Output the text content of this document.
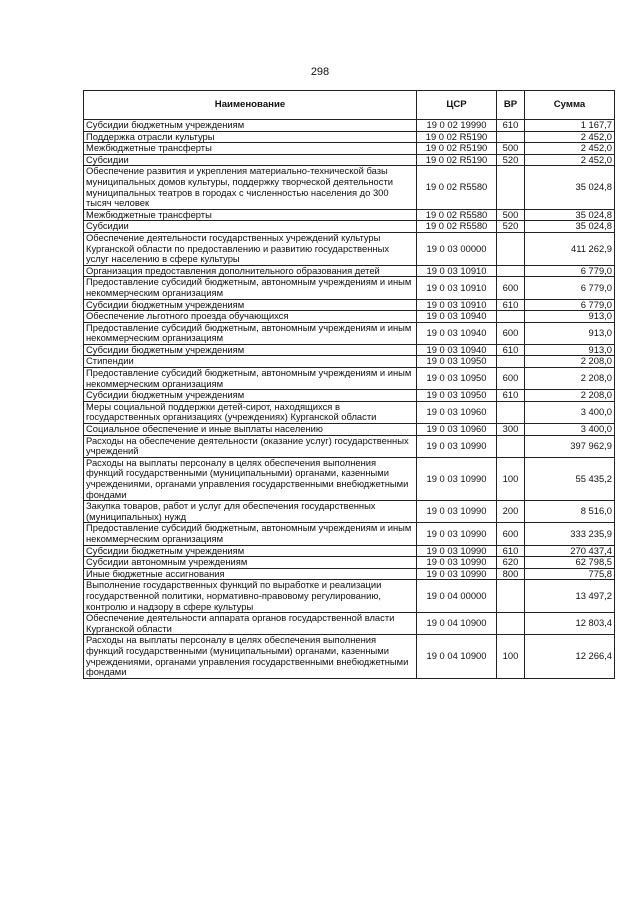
298
Наименование	ЦСР	ВР	Сумма
Субсидии бюджетным учреждениям	19 0 02 19990	610	1 167,7
Поддержка отрасли культуры	19 0 02 R5190		2 452,0
Межбюджетные трансферты	19 0 02 R5190	500	2 452,0
Субсидии	19 0 02 R5190	520	2 452,0
Обеспечение развития и укрепления материально-технической базы муниципальных домов культуры, поддержку творческой деятельности муниципальных театров в городах с численностью населения до 300 тысяч человек	19 0 02 R5580		35 024,8
Межбюджетные трансферты	19 0 02 R5580	500	35 024,8
Субсидии	19 0 02 R5580	520	35 024,8
Обеспечение деятельности государственных учреждений культуры Курганской области по предоставлению и развитию государственных услуг населению в сфере культуры	19 0 03 00000		411 262,9
Организация предоставления дополнительного образования детей	19 0 03 10910		6 779,0
Предоставление субсидий бюджетным, автономным учреждениям и иным некоммерческим организациям	19 0 03 10910	600	6 779,0
Субсидии бюджетным учреждениям	19 0 03 10910	610	6 779,0
Обеспечение льготного проезда обучающихся	19 0 03 10940		913,0
Предоставление субсидий бюджетным, автономным учреждениям и иным некоммерческим организациям	19 0 03 10940	600	913,0
Субсидии бюджетным учреждениям	19 0 03 10940	610	913,0
Стипендии	19 0 03 10950		2 208,0
Предоставление субсидий бюджетным, автономным учреждениям и иным некоммерческим организациям	19 0 03 10950	600	2 208,0
Субсидии бюджетным учреждениям	19 0 03 10950	610	2 208,0
Меры социальной поддержки детей-сирот, находящихся в государственных организациях (учреждениях) Курганской области	19 0 03 10960		3 400,0
Социальное обеспечение и иные выплаты населению	19 0 03 10960	300	3 400,0
Расходы на обеспечение деятельности (оказание услуг) государственных учреждений	19 0 03 10990		397 962,9
Расходы на выплаты персоналу в целях обеспечения выполнения функций государственными (муниципальными) органами, казенными учреждениями, органами управления государственными внебюджетными фондами	19 0 03 10990	100	55 435,2
Закупка товаров, работ и услуг для обеспечения государственных (муниципальных) нужд	19 0 03 10990	200	8 516,0
Предоставление субсидий бюджетным, автономным учреждениям и иным некоммерческим организациям	19 0 03 10990	600	333 235,9
Субсидии бюджетным учреждениям	19 0 03 10990	610	270 437,4
Субсидии автономным учреждениям	19 0 03 10990	620	62 798,5
Иные бюджетные ассигнования	19 0 03 10990	800	775,8
Выполнение государственных функций по выработке и реализации государственной политики, нормативно-правовому регулированию, контролю и надзору в сфере культуры	19 0 04 00000		13 497,2
Обеспечение деятельности аппарата органов государственной власти Курганской области	19 0 04 10900		12 803,4
Расходы на выплаты персоналу в целях обеспечения выполнения функций государственными (муниципальными) органами, казенными учреждениями, органами управления государственными внебюджетными фондами	19 0 04 10900	100	12 266,4
